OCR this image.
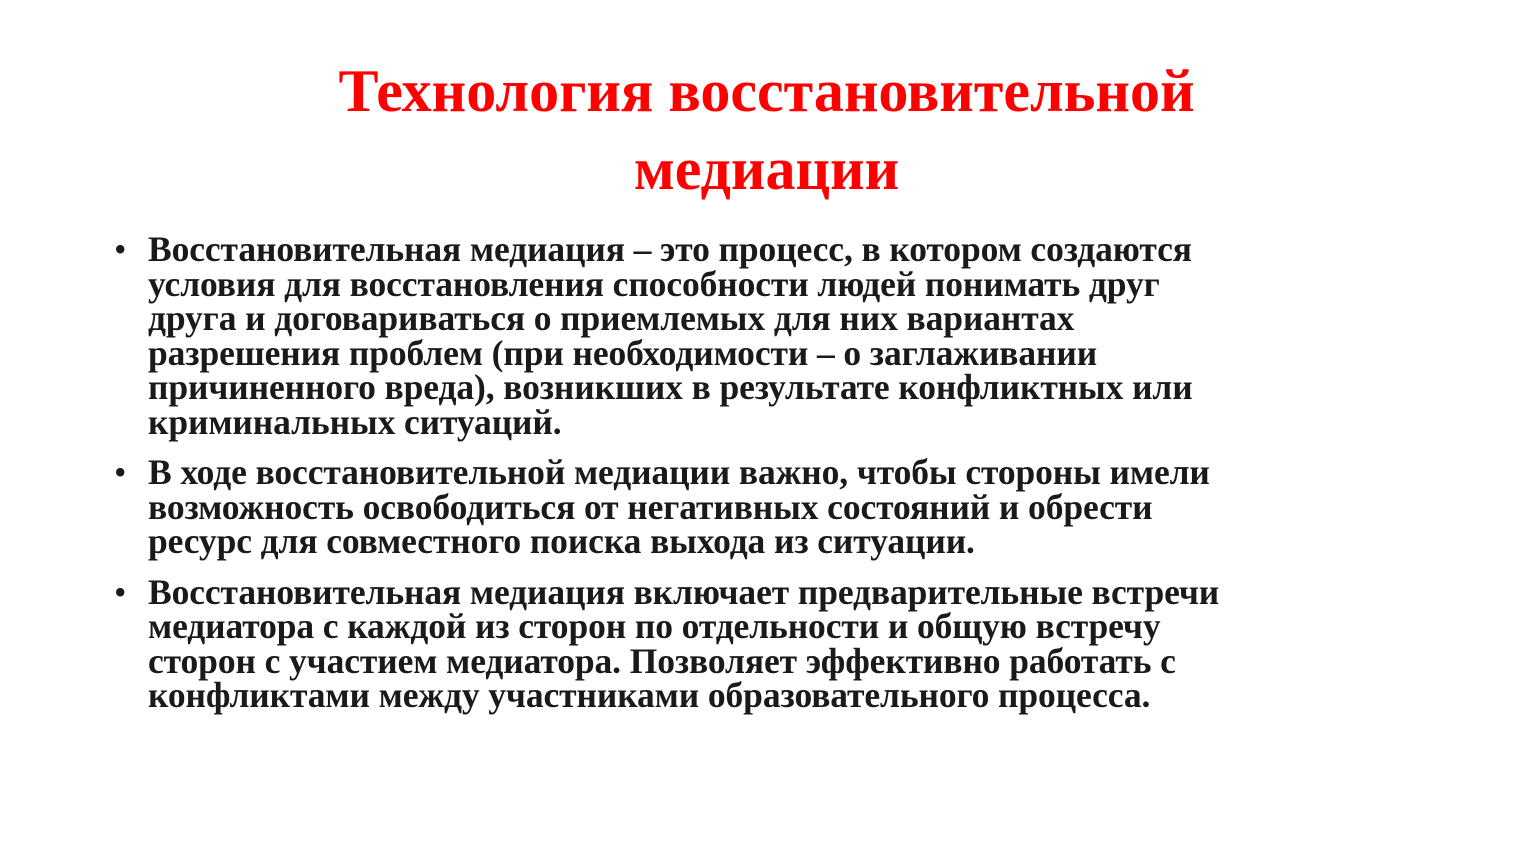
Технология восстановительной
медиации
• Восстановительная медиация – это процесс, в котором создаются
условия для восстановления способности людей понимать друг
друга и договариваться о приемлемых для них вариантах
разрешения проблем (при необходимости – о заглаживании
причиненного вреда), возникших в результате конфликтных или
криминальных ситуаций.
• В ходе восстановительной медиации важно, чтобы стороны имели
возможность освободиться от негативных состояний и обрести
ресурс для совместного поиска выхода из ситуации.
• Восстановительная медиация включает предварительные встречи
медиатора с каждой из сторон по отдельности и общую встречу
сторон с участием медиатора. Позволяет эффективно работать с
конфликтами между участниками образовательного процесса.
